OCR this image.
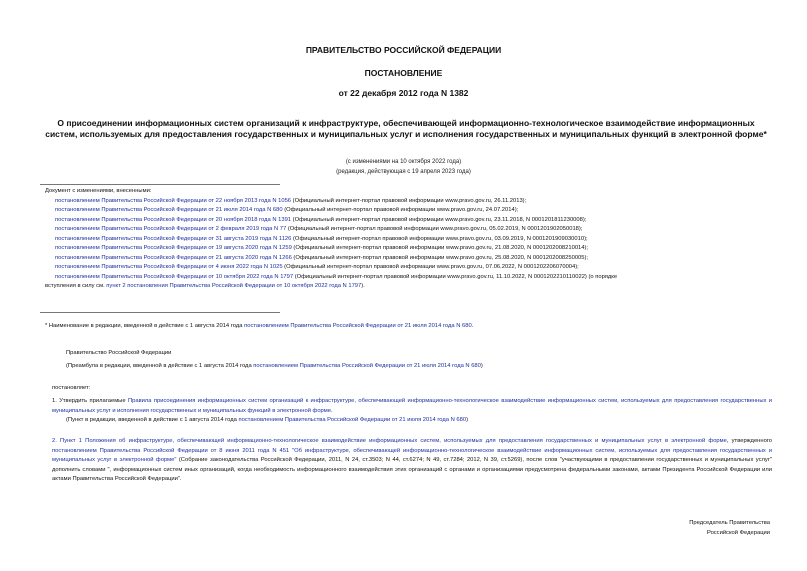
ПРАВИТЕЛЬСТВО РОССИЙСКОЙ ФЕДЕРАЦИИ
ПОСТАНОВЛЕНИЕ
от 22 декабря 2012 года N 1382
О присоединении информационных систем организаций к инфраструктуре, обеспечивающей информационно-технологическое взаимодействие информационных систем, используемых для предоставления государственных и муниципальных услуг и исполнения государственных и муниципальных функций в электронной форме*
(с изменениями на 10 октября 2022 года)
(редакция, действующая с 19 апреля 2023 года)
Документ с изменениями, внесенными:
постановлением Правительства Российской Федерации от 22 ноября 2013 года N 1056 (Официальный интернет-портал правовой информации www.pravo.gov.ru, 26.11.2013);
постановлением Правительства Российской Федерации от 21 июля 2014 года N 680 (Официальный интернет-портал правовой информации www.pravo.gov.ru, 24.07.2014);
постановлением Правительства Российской Федерации от 20 ноября 2018 года N 1391 (Официальный интернет-портал правовой информации www.pravo.gov.ru, 23.11.2018, N 0001201811230008);
постановлением Правительства Российской Федерации от 2 февраля 2019 года N 77 (Официальный интернет-портал правовой информации www.pravo.gov.ru, 05.02.2019, N 0001201902050018);
постановлением Правительства Российской Федерации от 31 августа 2019 года N 1126 (Официальный интернет-портал правовой информации www.pravo.gov.ru, 03.09.2019, N 0001201909030010);
постановлением Правительства Российской Федерации от 19 августа 2020 года N 1259 (Официальный интернет-портал правовой информации www.pravo.gov.ru, 21.08.2020, N 0001202008210014);
постановлением Правительства Российской Федерации от 21 августа 2020 года N 1266 (Официальный интернет-портал правовой информации www.pravo.gov.ru, 25.08.2020, N 0001202008250005);
постановлением Правительства Российской Федерации от 4 июня 2022 года N 1025 (Официальный интернет-портал правовой информации www.pravo.gov.ru, 07.06.2022, N 0001202206070004);
постановлением Правительства Российской Федерации от 10 октября 2022 года N 1797 (Официальный интернет-портал правовой информации www.pravo.gov.ru, 11.10.2022, N 0001202210110022) (о порядке
вступления в силу см. пункт 2 постановления Правительства Российской Федерации от 10 октября 2022 года N 1797).
* Наименование в редакции, введенной в действие с 1 августа 2014 года постановлением Правительства Российской Федерации от 21 июля 2014 года N 680.
Правительство Российской Федерации
(Преамбула в редакции, введенной в действие с 1 августа 2014 года постановлением Правительства Российской Федерации от 21 июля 2014 года N 680)
постановляет:
1. Утвердить прилагаемые Правила присоединения информационных систем организаций к инфраструктуре, обеспечивающей информационно-технологическое взаимодействие информационных систем, используемых для предоставления государственных и муниципальных услуг и исполнения государственных и муниципальных функций в электронной форме.
(Пункт в редакции, введенной в действие с 1 августа 2014 года постановлением Правительства Российской Федерации от 21 июля 2014 года N 680)
2. Пункт 1 Положения об инфраструктуре, обеспечивающей информационно-технологическое взаимодействие информационных систем, используемых для предоставления государственных и муниципальных услуг в электронной форме, утвержденного постановлением Правительства Российской Федерации от 8 июня 2011 года N 451 "Об инфраструктуре, обеспечивающей информационно-технологическое взаимодействие информационных систем, используемых для предоставления государственных и муниципальных услуг в электронной форме" (Собрание законодательства Российской Федерации, 2011, N 24, ст.3503; N 44, ст.6274; N 49, ст.7284; 2012, N 39, ст.5269), после слов "участвующими в предоставлении государственных и муниципальных услуг" дополнить словами ", информационных систем иных организаций, когда необходимость информационного взаимодействия этих организаций с органами и организациями предусмотрена федеральными законами, актами Президента Российской Федерации или актами Правительства Российской Федерации".
Председатель Правительства
Российской Федерации
